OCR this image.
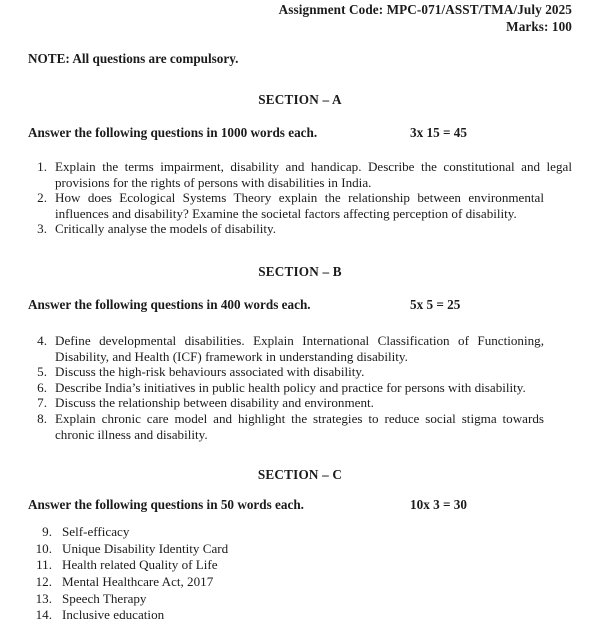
Assignment Code: MPC-071/ASST/TMA/July 2025
Marks: 100
NOTE: All questions are compulsory.
SECTION – A
Answer the following questions in 1000 words each.	3x 15 = 45
1. Explain the terms impairment, disability and handicap. Describe the constitutional and legal provisions for the rights of persons with disabilities in India.
2. How does Ecological Systems Theory explain the relationship between environmental influences and disability? Examine the societal factors affecting perception of disability.
3. Critically analyse the models of disability.
SECTION – B
Answer the following questions in 400 words each.	5x 5 = 25
4. Define developmental disabilities. Explain International Classification of Functioning, Disability, and Health (ICF) framework in understanding disability.
5. Discuss the high-risk behaviours associated with disability.
6. Describe India’s initiatives in public health policy and practice for persons with disability.
7. Discuss the relationship between disability and environment.
8. Explain chronic care model and highlight the strategies to reduce social stigma towards chronic illness and disability.
SECTION – C
Answer the following questions in 50 words each.	10x 3 = 30
9. Self-efficacy
10. Unique Disability Identity Card
11. Health related Quality of Life
12. Mental Healthcare Act, 2017
13. Speech Therapy
14. Inclusive education
